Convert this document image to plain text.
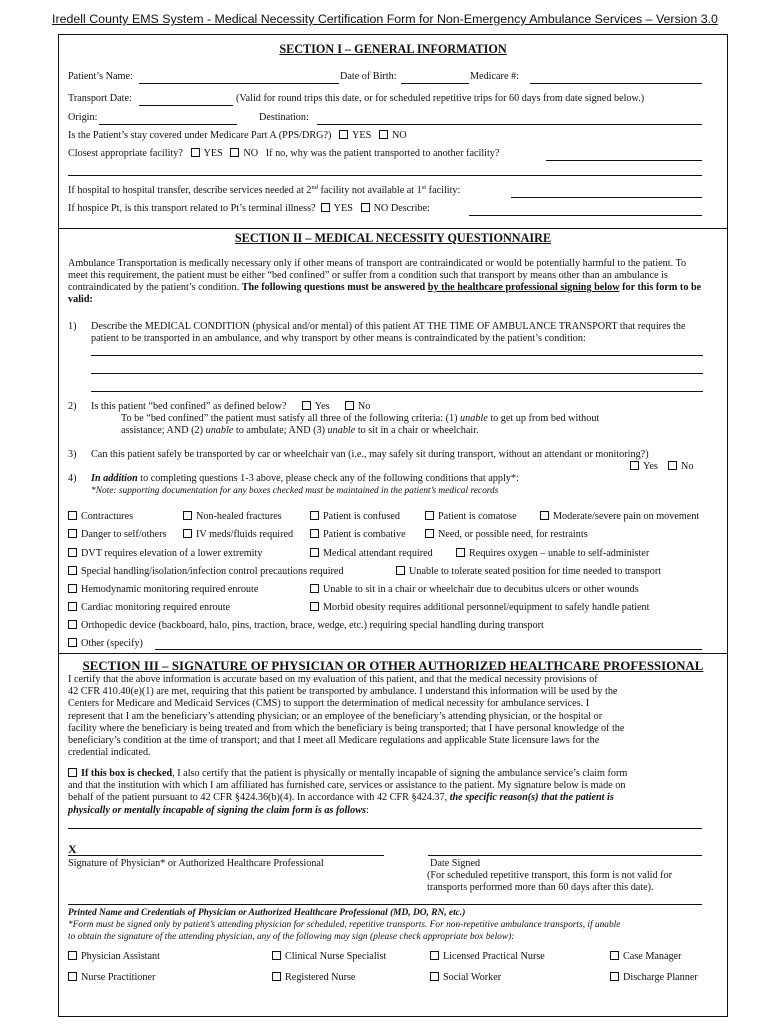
Iredell County EMS System - Medical Necessity Certification Form for Non-Emergency Ambulance Services – Version 3.0
SECTION I – GENERAL INFORMATION
Patient’s Name:	Date of Birth:	Medicare #:
Transport Date:	(Valid for round trips this date, or for scheduled repetitive trips for 60 days from date signed below.)
Origin:	Destination:
Is the Patient’s stay covered under Medicare Part A (PPS/DRG?) YES NO
Closest appropriate facility? YES NO If no, why was the patient transported to another facility?
If hospital to hospital transfer, describe services needed at 2nd facility not available at 1st facility:
If hospice Pt, is this transport related to Pt’s terminal illness? YES NO Describe:
SECTION II – MEDICAL NECESSITY QUESTIONNAIRE
Ambulance Transportation is medically necessary only if other means of transport are contraindicated or would be potentially harmful to the patient. To meet this requirement, the patient must be either “bed confined” or suffer from a condition such that transport by means other than an ambulance is contraindicated by the patient’s condition. The following questions must be answered by the healthcare professional signing below for this form to be valid:
1) Describe the MEDICAL CONDITION (physical and/or mental) of this patient AT THE TIME OF AMBULANCE TRANSPORT that requires the patient to be transported in an ambulance, and why transport by other means is contraindicated by the patient’s condition:
2) Is this patient “bed confined” as defined below?	Yes	No
To be “bed confined” the patient must satisfy all three of the following criteria: (1) unable to get up from bed without
assistance; AND (2) unable to ambulate; AND (3) unable to sit in a chair or wheelchair.
3) Can this patient safely be transported by car or wheelchair van (i.e., may safely sit during transport, without an attendant or monitoring?)
Yes No
4) In addition to completing questions 1-3 above, please check any of the following conditions that apply*:
*Note: supporting documentation for any boxes checked must be maintained in the patient’s medical records
Contractures	Non-healed fractures	Patient is confused	Patient is comatose	Moderate/severe pain on movement
Danger to self/others	IV meds/fluids required	Patient is combative	Need, or possible need, for restraints
DVT requires elevation of a lower extremity	Medical attendant required	Requires oxygen – unable to self-administer
Special handling/isolation/infection control precautions required	Unable to tolerate seated position for time needed to transport
Hemodynamic monitoring required enroute	Unable to sit in a chair or wheelchair due to decubitus ulcers or other wounds
Cardiac monitoring required enroute	Morbid obesity requires additional personnel/equipment to safely handle patient
Orthopedic device (backboard, halo, pins, traction, brace, wedge, etc.) requiring special handling during transport
Other (specify)
SECTION III – SIGNATURE OF PHYSICIAN OR OTHER AUTHORIZED HEALTHCARE PROFESSIONAL
I certify that the above information is accurate based on my evaluation of this patient, and that the medical necessity provisions of
42 CFR 410.40(e)(1) are met, requiring that this patient be transported by ambulance. I understand this information will be used by the
Centers for Medicare and Medicaid Services (CMS) to support the determination of medical necessity for ambulance services. I
represent that I am the beneficiary’s attending physician; or an employee of the beneficiary’s attending physician, or the hospital or
facility where the beneficiary is being treated and from which the beneficiary is being transported; that I have personal knowledge of the
beneficiary’s condition at the time of transport; and that I meet all Medicare regulations and applicable State licensure laws for the
credential indicated.
If this box is checked, I also certify that the patient is physically or mentally incapable of signing the ambulance service’s claim form
and that the institution with which I am affiliated has furnished care, services or assistance to the patient. My signature below is made on
behalf of the patient pursuant to 42 CFR §424.36(b)(4). In accordance with 42 CFR §424.37, the specific reason(s) that the patient is
physically or mentally incapable of signing the claim form is as follows:
X
Signature of Physician* or Authorized Healthcare Professional	Date Signed
(For scheduled repetitive transport, this form is not valid for
transports performed more than 60 days after this date).
Printed Name and Credentials of Physician or Authorized Healthcare Professional (MD, DO, RN, etc.)
*Form must be signed only by patient’s attending physician for scheduled, repetitive transports. For non-repetitive ambulance transports, if unable
to obtain the signature of the attending physician, any of the following may sign (please check appropriate box below):
Physician Assistant	Clinical Nurse Specialist	Licensed Practical Nurse	Case Manager
Nurse Practitioner	Registered Nurse	Social Worker	Discharge Planner
